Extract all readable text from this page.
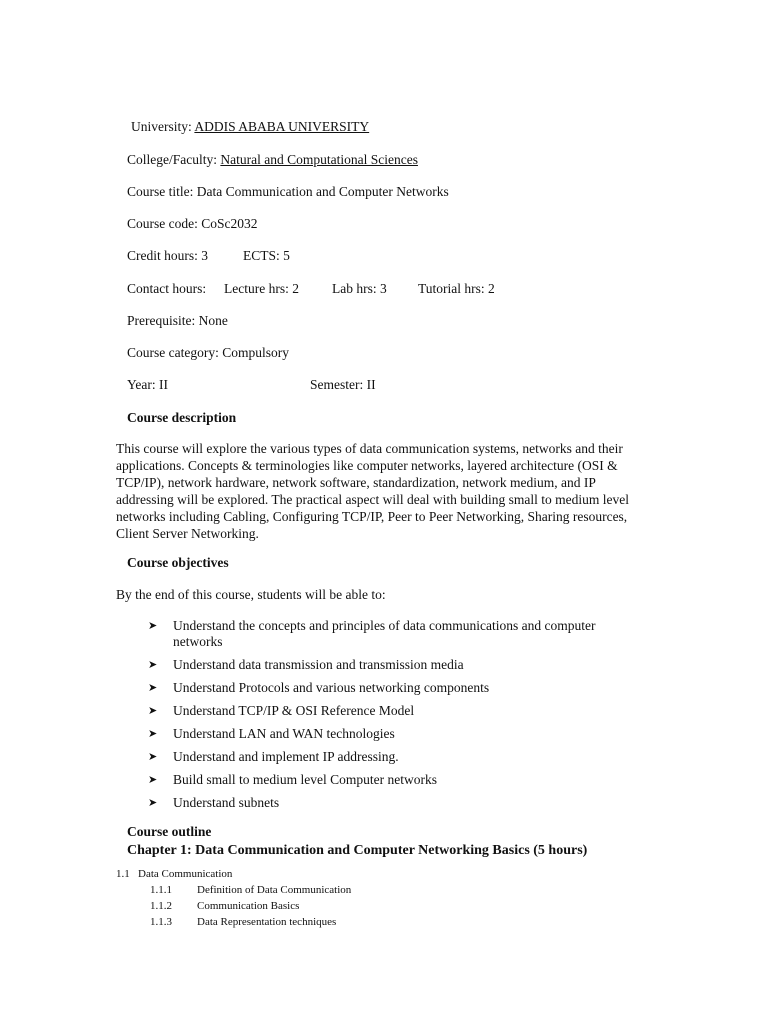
University: ADDIS ABABA UNIVERSITY
College/Faculty: Natural and Computational Sciences
Course title: Data Communication and Computer Networks
Course code: CoSc2032
Credit hours: 3	ECTS: 5
Contact hours: Lecture hrs: 2 Lab hrs: 3 Tutorial hrs: 2
Prerequisite: None
Course category: Compulsory
Year: II	Semester: II
Course description
This course will explore the various types of data communication systems, networks and their applications. Concepts & terminologies like computer networks, layered architecture (OSI & TCP/IP), network hardware, network software, standardization, network medium, and IP addressing will be explored. The practical aspect will deal with building small to medium level networks including Cabling, Configuring TCP/IP, Peer to Peer Networking, Sharing resources, Client Server Networking.
Course objectives
By the end of this course, students will be able to:
➤ Understand the concepts and principles of data communications and computer networks
➤ Understand data transmission and transmission media
➤ Understand Protocols and various networking components
➤ Understand TCP/IP & OSI Reference Model
➤ Understand LAN and WAN technologies
➤ Understand and implement IP addressing.
➤ Build small to medium level Computer networks
➤ Understand subnets
Course outline
Chapter 1: Data Communication and Computer Networking Basics (5 hours)
1.1 Data Communication
1.1.1 Definition of Data Communication
1.1.2 Communication Basics
1.1.3 Data Representation techniques
